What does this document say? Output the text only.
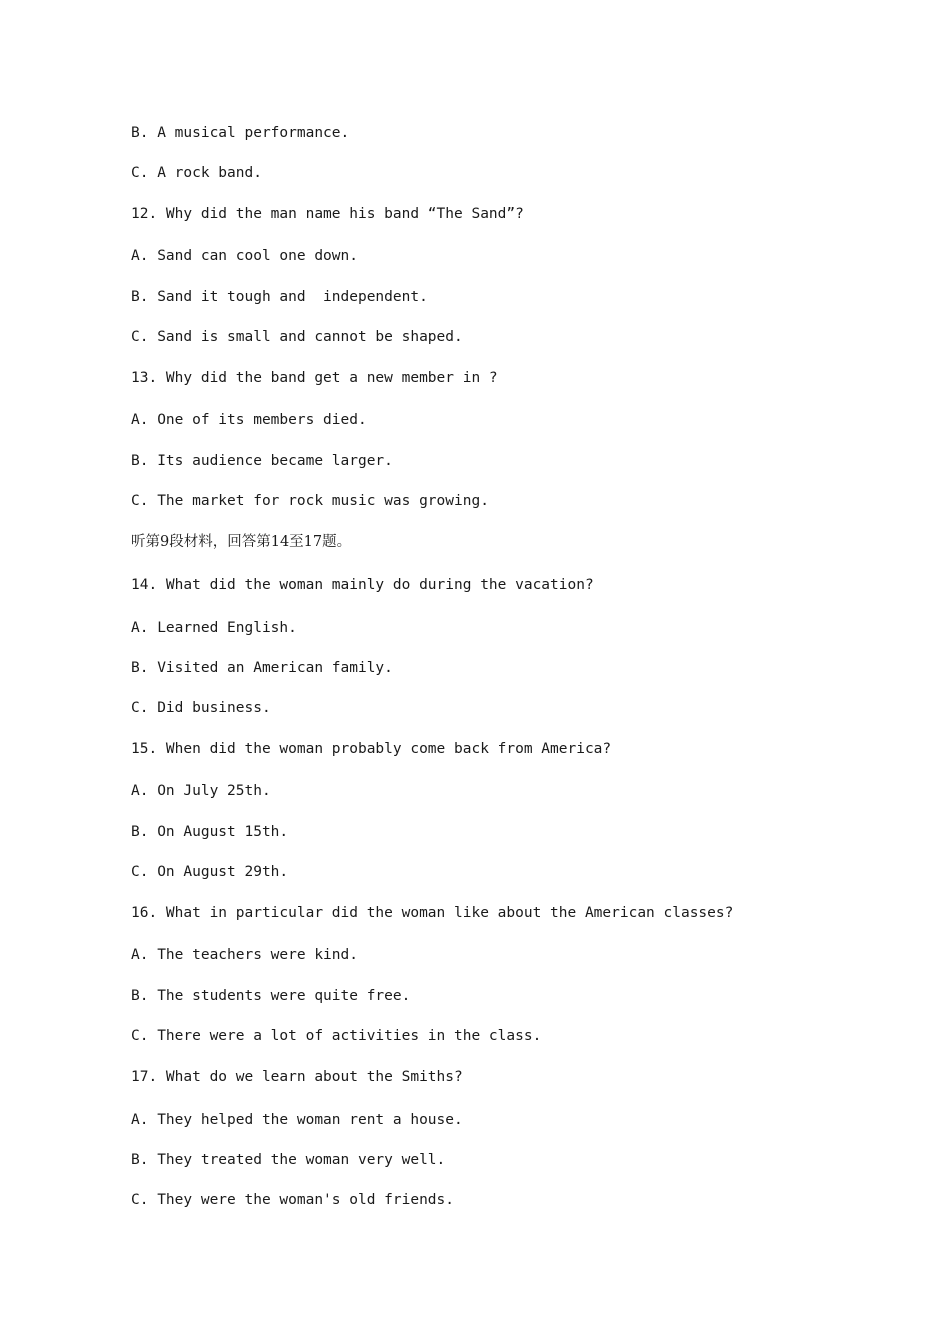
B. A musical performance.

C. A rock band.

12. Why did the man name his band “The Sand”?

A. Sand can cool one down.

B. Sand it tough and  independent.

C. Sand is small and cannot be shaped.

13. Why did the band get a new member in ?

A. One of its members died.

B. Its audience became larger.

C. The market for rock music was growing.

听第9段材料，回答第14至17题。

14. What did the woman mainly do during the vacation?

A. Learned English.

B. Visited an American family.

C. Did business.

15. When did the woman probably come back from America?

A. On July 25th.

B. On August 15th.

C. On August 29th.

16. What in particular did the woman like about the American classes?

A. The teachers were kind.

B. The students were quite free.

C. There were a lot of activities in the class.

17. What do we learn about the Smiths?

A. They helped the woman rent a house.

B. They treated the woman very well.

C. They were the woman's old friends.
